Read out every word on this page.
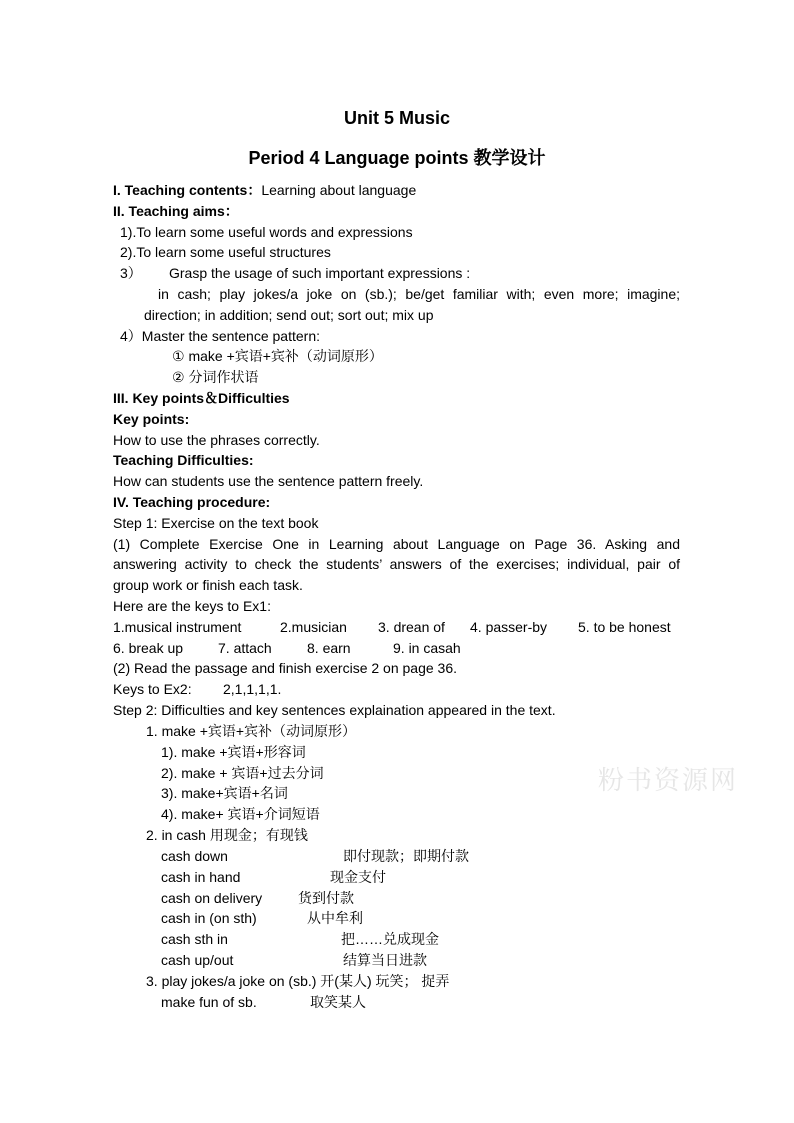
Unit 5 Music
Period 4 Language points 教学设计
I. Teaching contents：Learning about language
II. Teaching aims：
1).To learn some useful words and expressions
2).To learn some useful structures
3） Grasp the usage of such important expressions :
in cash; play jokes/a joke on (sb.); be/get familiar with; even more; imagine;
direction; in addition; send out; sort out; mix up
4）Master the sentence pattern:
① make +宾语+宾补（动词原形）
② 分词作状语
III. Key points＆Difficulties
Key points:
How to use the phrases correctly.
Teaching Difficulties:
How can students use the sentence pattern freely.
IV. Teaching procedure:
Step 1: Exercise on the text book
(1) Complete Exercise One in Learning about Language on Page 36. Asking and
answering activity to check the students’ answers of the exercises; individual, pair of
group work or finish each task.
Here are the keys to Ex1:
1.musical instrument	2.musician 3. drean of 4. passer-by 5. to be honest
6. break up 7. attach	8. earn	9. in casah
(2) Read the passage and finish exercise 2 on page 36.
Keys to Ex2: 2,1,1,1,1.
Step 2: Difficulties and key sentences explaination appeared in the text.
1. make +宾语+宾补（动词原形）
1). make +宾语+形容词
2). make + 宾语+过去分词
3). make+宾语+名词
4). make+ 宾语+介词短语
2. in cash 用现金；有现钱
cash down	即付现款；即期付款
cash in hand	现金支付
cash on delivery	货到付款
cash in (on sth)	从中牟利
cash sth in	把……兑成现金
cash up/out	结算当日进款
3. play jokes/a joke on (sb.) 开(某人) 玩笑； 捉弄
make fun of sb.	取笑某人
粉书资源网
